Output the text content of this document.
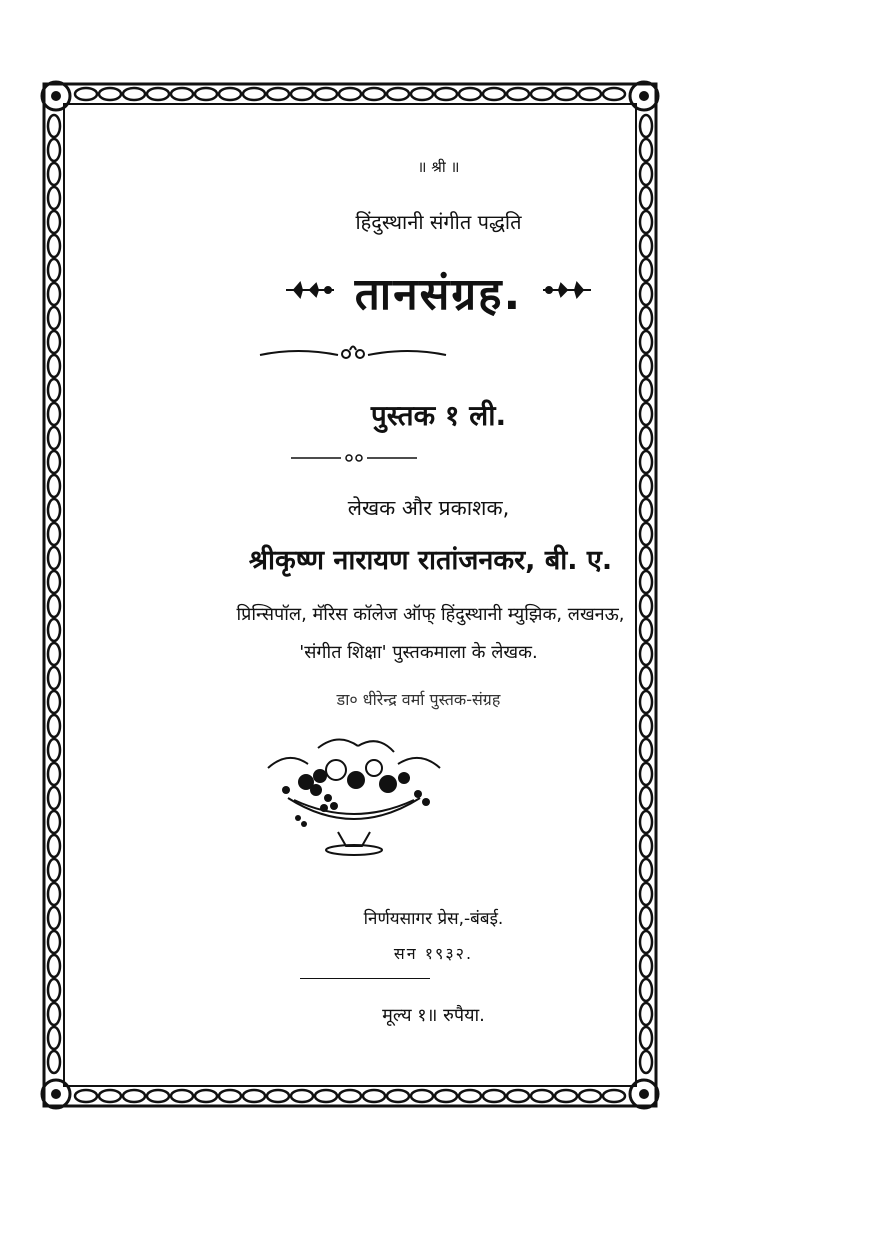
॥ श्री ॥
हिंदुस्थानी संगीत पद्धति
तानसंग्रह.
पुस्तक १ ली.
लेखक और प्रकाशक,
श्रीकृष्ण नारायण रातांजनकर, बी. ए.
प्रिन्सिपॉल, मॅरिस कॉलेज ऑफ् हिंदुस्थानी म्युझिक, लखनऊ,
'संगीत शिक्षा' पुस्तकमाला के लेखक.
डा० धीरेन्द्र वर्मा पुस्तक-संग्रह
निर्णयसागर प्रेस,-बंबई.
सन १९३२.
मूल्य १॥ रुपैया.
